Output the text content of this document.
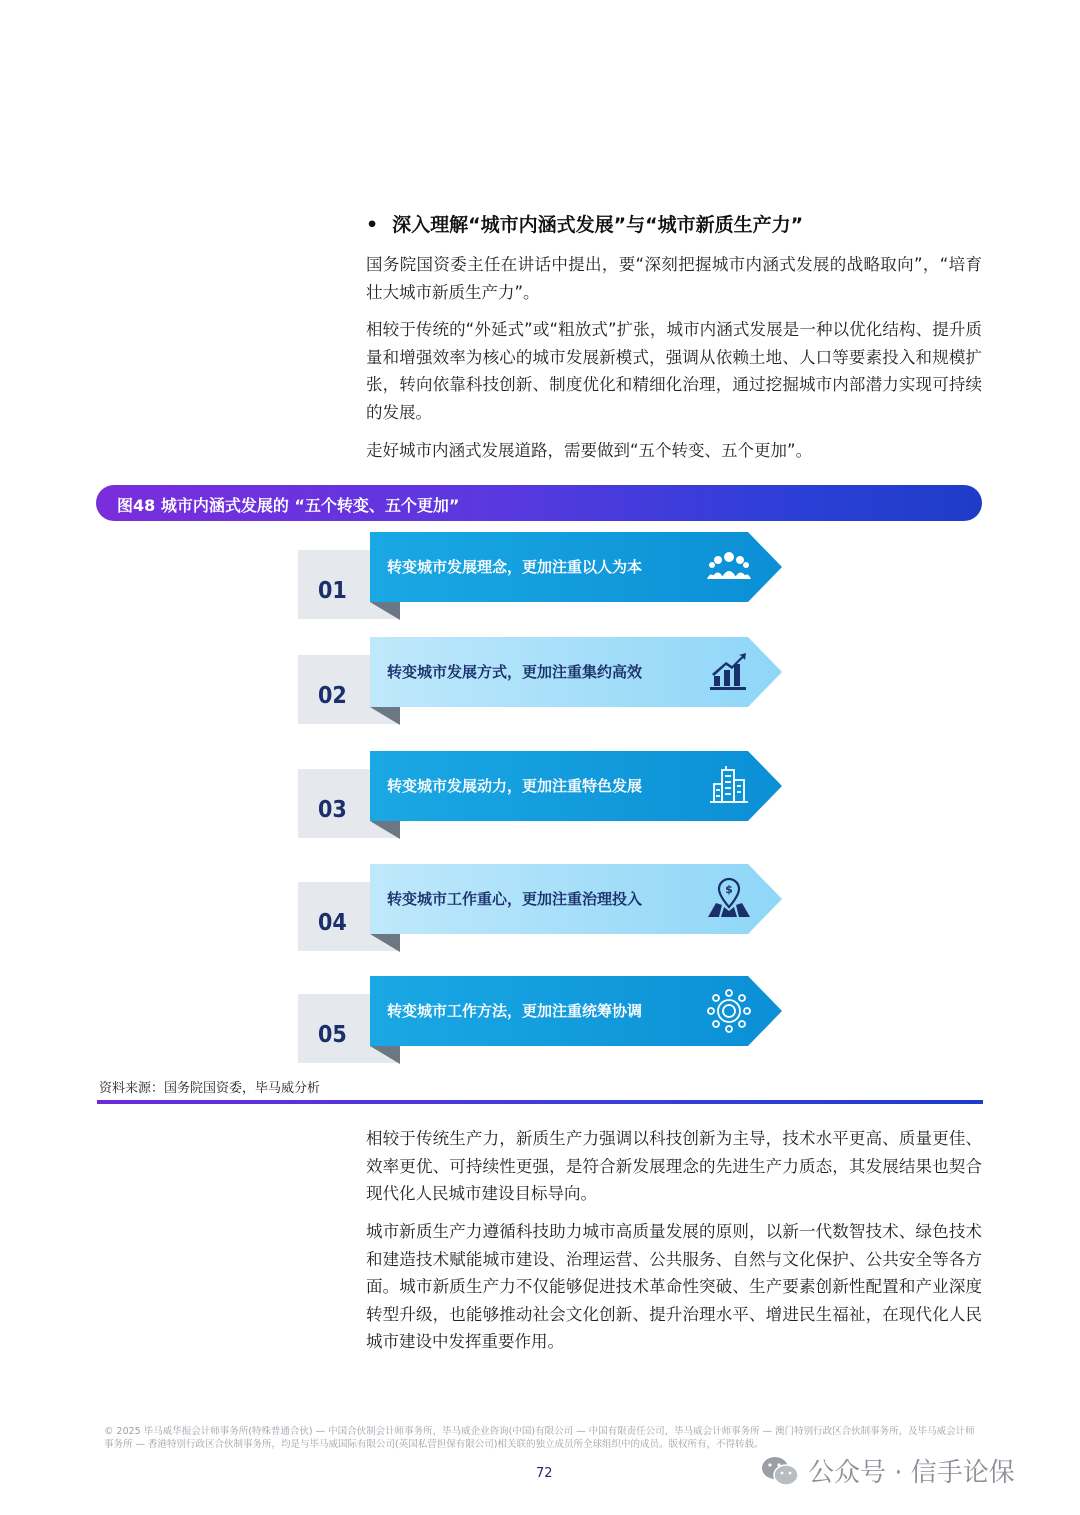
• 深入理解“城市内涵式发展”与“城市新质生产力”
国务院国资委主任在讲话中提出，要“深刻把握城市内涵式发展的战略取向”，“培育壮大城市新质生产力”。
相较于传统的“外延式”或“粗放式”扩张，城市内涵式发展是一种以优化结构、提升质量和增强效率为核心的城市发展新模式，强调从依赖土地、人口等要素投入和规模扩张，转向依靠科技创新、制度优化和精细化治理，通过挖掘城市内部潜力实现可持续的发展。
走好城市内涵式发展道路，需要做到“五个转变、五个更加”。
图48 城市内涵式发展的 “五个转变、五个更加”
01
转变城市发展理念，更加注重以人为本
02
转变城市发展方式，更加注重集约高效
03
转变城市发展动力，更加注重特色发展
04
转变城市工作重心，更加注重治理投入
$
05
转变城市工作方法，更加注重统筹协调
资料来源：国务院国资委，毕马威分析
相较于传统生产力，新质生产力强调以科技创新为主导，技术水平更高、质量更佳、效率更优、可持续性更强，是符合新发展理念的先进生产力质态，其发展结果也契合现代化人民城市建设目标导向。
城市新质生产力遵循科技助力城市高质量发展的原则，以新一代数智技术、绿色技术和建造技术赋能城市建设、治理运营、公共服务、自然与文化保护、公共安全等各方面。城市新质生产力不仅能够促进技术革命性突破、生产要素创新性配置和产业深度转型升级，也能够推动社会文化创新、提升治理水平、增进民生福祉，在现代化人民城市建设中发挥重要作用。
© 2025 毕马威华振会计师事务所(特殊普通合伙) — 中国合伙制会计师事务所，毕马威企业咨询(中国)有限公司 — 中国有限责任公司，毕马威会计师事务所 — 澳门特别行政区合伙制事务所，及毕马威会计师事务所 — 香港特别行政区合伙制事务所，均是与毕马威国际有限公司(英国私营担保有限公司)相关联的独立成员所全球组织中的成员。版权所有，不得转载。
72	公众号 · 信手论保
